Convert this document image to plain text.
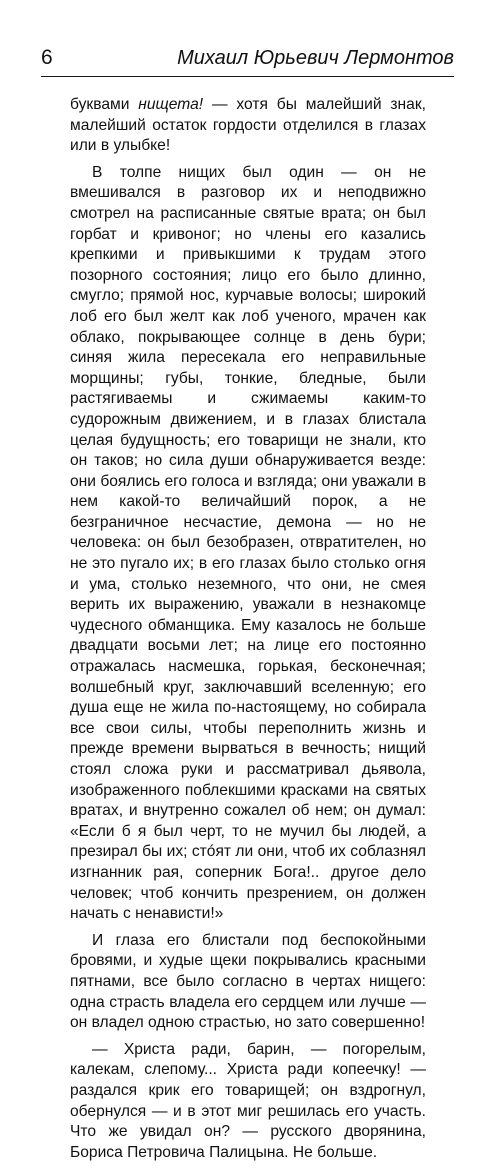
6	Михаил Юрьевич Лермонтов

буквами нищета! — хотя бы малейший знак, малейший остаток гордости отделился в глазах или в улыбке!

В толпе нищих был один — он не вмешивался в разговор их и неподвижно смотрел на расписанные святые врата; он был горбат и кривоног; но члены его казались крепкими и привыкшими к трудам этого позорного состояния; лицо его было длинно, смугло; прямой нос, курчавые волосы; широкий лоб его был желт как лоб ученого, мрачен как облако, покрывающее солнце в день бури; синяя жила пересекала его неправильные морщины; губы, тонкие, бледные, были растягиваемы и сжимаемы каким-то судорожным движением, и в глазах блистала целая будущность; его товарищи не знали, кто он таков; но сила души обнаруживается везде: они боялись его голоса и взгляда; они уважали в нем какой-то величайший порок, а не безграничное несчастие, демона — но не человека: он был безобразен, отвратителен, но не это пугало их; в его глазах было столько огня и ума, столько неземного, что они, не смея верить их выражению, уважали в незнакомце чудесного обманщика. Ему казалось не больше двадцати восьми лет; на лице его постоянно отражалась насмешка, горькая, бесконечная; волшебный круг, заключавший вселенную; его душа еще не жила по-настоящему, но собирала все свои силы, чтобы переполнить жизнь и прежде времени вырваться в вечность; нищий стоял сложа руки и рассматривал дьявола, изображенного поблекшими красками на святых вратах, и внутренно сожалел об нем; он думал: «Если б я был черт, то не мучил бы людей, а презирал бы их; стóят ли они, чтоб их соблазнял изгнанник рая, соперник Бога!.. другое дело человек; чтоб кончить презрением, он должен начать с ненависти!»

И глаза его блистали под беспокойными бровями, и худые щеки покрывались красными пятнами, все было согласно в чертах нищего: одна страсть владела его сердцем или лучше — он владел одною страстью, но зато совершенно!

— Христа ради, барин, — погорелым, калекам, слепому... Христа ради копеечку! — раздался крик его товарищей; он вздрогнул, обернулся — и в этот миг решилась его участь. Что же увидал он? — русского дворянина, Бориса Петровича Палицына. Не больше.
